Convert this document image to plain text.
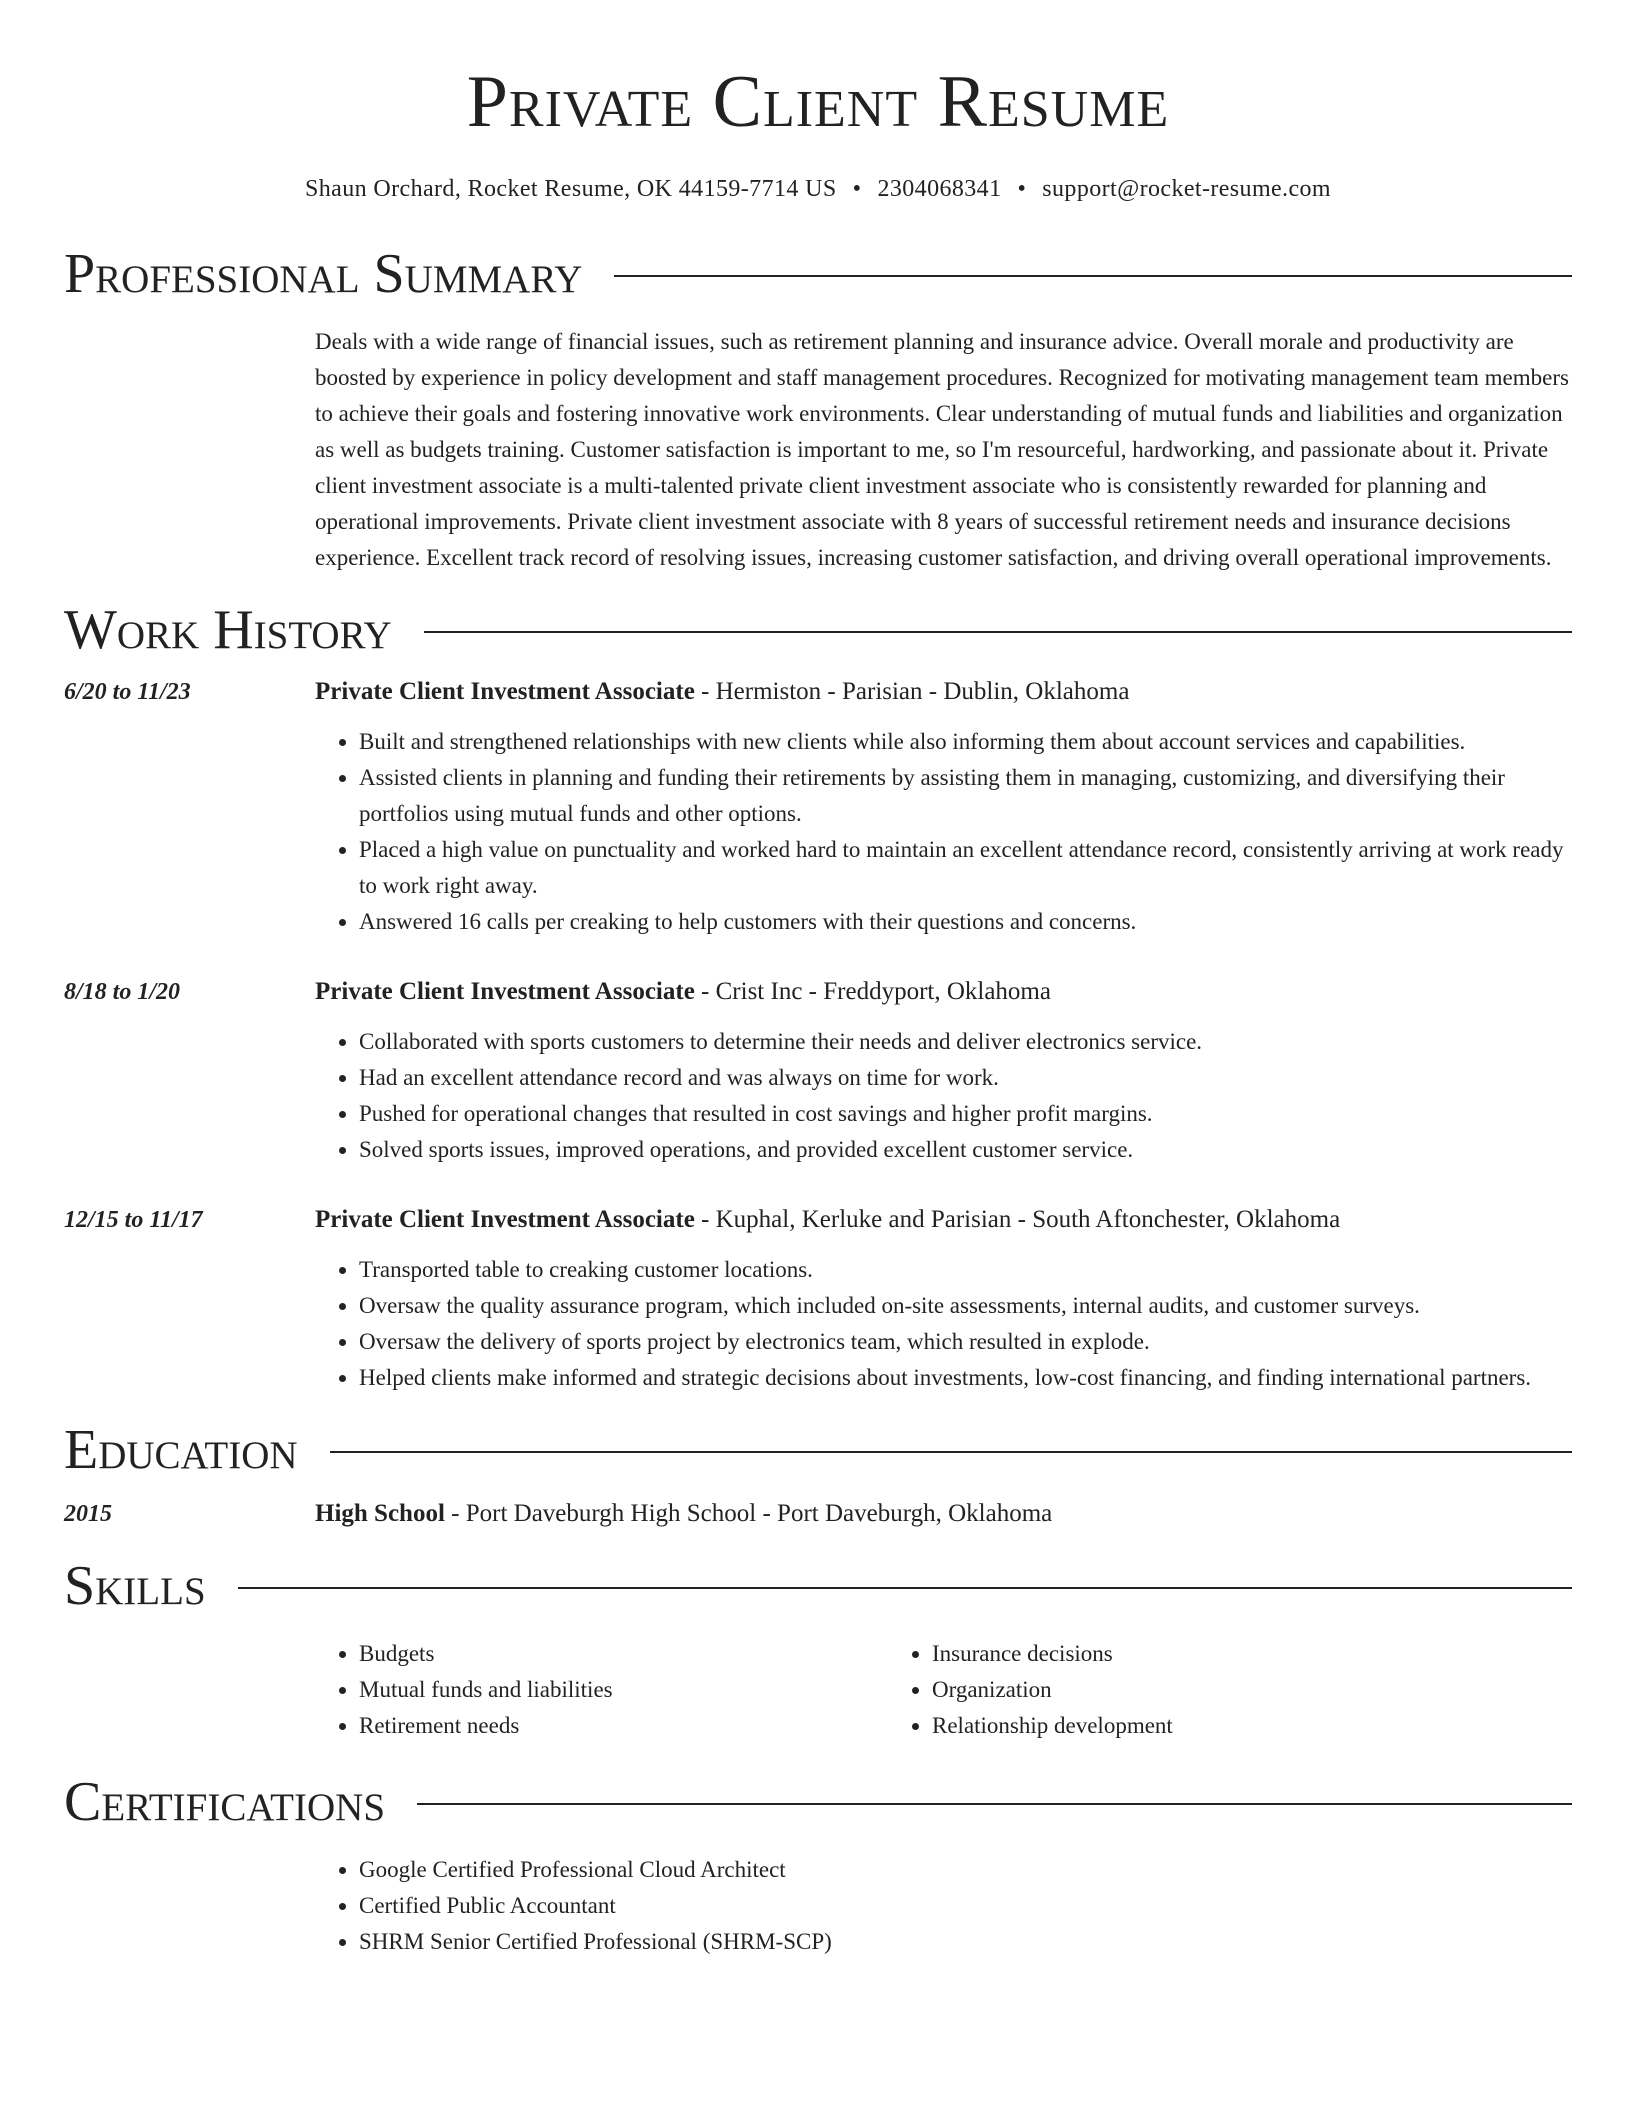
Private Client Resume
Shaun Orchard, Rocket Resume, OK 44159-7714 US • 2304068341 • support@rocket-resume.com
Professional Summary

Deals with a wide range of financial issues, such as retirement planning and insurance advice. Overall morale and productivity are boosted by experience in policy development and staff management procedures. Recognized for motivating management team members to achieve their goals and fostering innovative work environments. Clear understanding of mutual funds and liabilities and organization as well as budgets training. Customer satisfaction is important to me, so I'm resourceful, hardworking, and passionate about it. Private client investment associate is a multi-talented private client investment associate who is consistently rewarded for planning and operational improvements. Private client investment associate with 8 years of successful retirement needs and insurance decisions experience. Excellent track record of resolving issues, increasing customer satisfaction, and driving overall operational improvements.

Work History
6/20 to 11/23	Private Client Investment Associate - Hermiston - Parisian - Dublin, Oklahoma
• Built and strengthened relationships with new clients while also informing them about account services and capabilities.
• Assisted clients in planning and funding their retirements by assisting them in managing, customizing, and diversifying their portfolios using mutual funds and other options.
• Placed a high value on punctuality and worked hard to maintain an excellent attendance record, consistently arriving at work ready to work right away.
• Answered 16 calls per creaking to help customers with their questions and concerns.
8/18 to 1/20	Private Client Investment Associate - Crist Inc - Freddyport, Oklahoma
• Collaborated with sports customers to determine their needs and deliver electronics service.
• Had an excellent attendance record and was always on time for work.
• Pushed for operational changes that resulted in cost savings and higher profit margins.
• Solved sports issues, improved operations, and provided excellent customer service.
12/15 to 11/17	Private Client Investment Associate - Kuphal, Kerluke and Parisian - South Aftonchester, Oklahoma
• Transported table to creaking customer locations.
• Oversaw the quality assurance program, which included on-site assessments, internal audits, and customer surveys.
• Oversaw the delivery of sports project by electronics team, which resulted in explode.
• Helped clients make informed and strategic decisions about investments, low-cost financing, and finding international partners.
Education
2015	High School - Port Daveburgh High School - Port Daveburgh, Oklahoma
Skills
• Budgets
• Mutual funds and liabilities
• Retirement needs
• Insurance decisions
• Organization
• Relationship development
Certifications
• Google Certified Professional Cloud Architect
• Certified Public Accountant
• SHRM Senior Certified Professional (SHRM-SCP)
